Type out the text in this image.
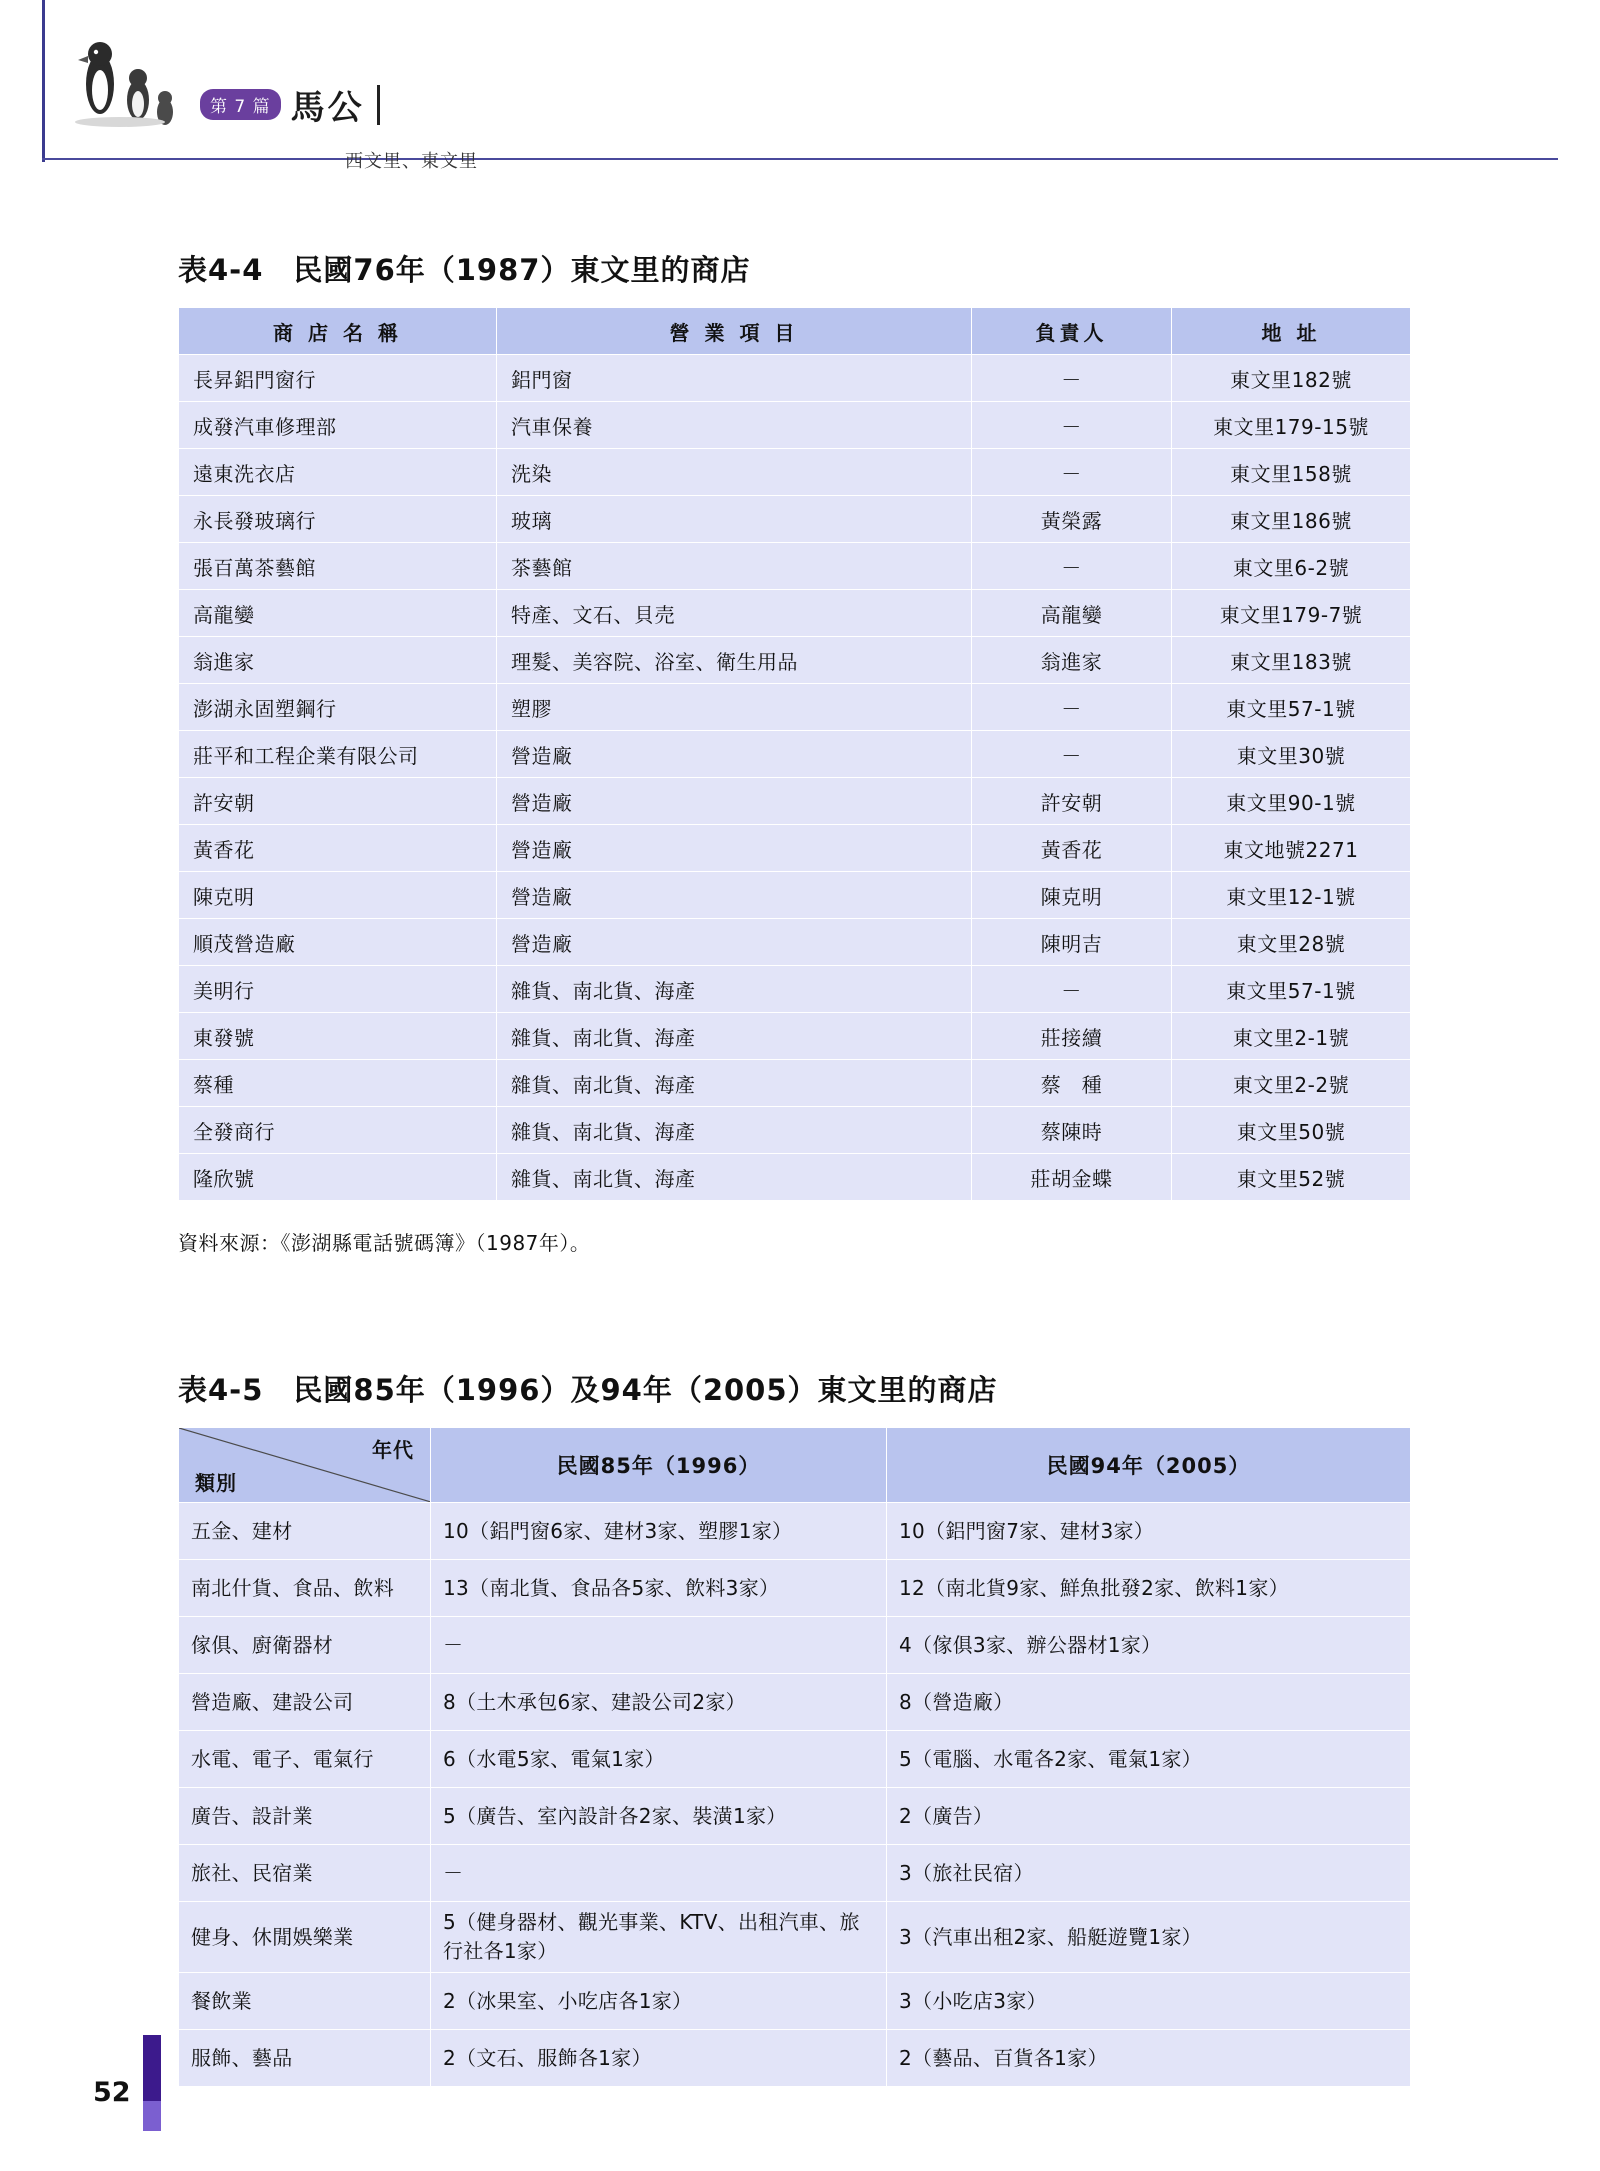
第 7 篇 馬公
西文里、東文里
表4-4　民國76年（1987）東文里的商店
商 店 名 稱	營 業 項 目	負責人	地 址
長昇鋁門窗行	鋁門窗	－	東文里182號
成發汽車修理部	汽車保養	－	東文里179-15號
遠東洗衣店	洗染	－	東文里158號
永長發玻璃行	玻璃	黃榮露	東文里186號
張百萬茶藝館	茶藝館	－	東文里6-2號
高龍孌	特產、文石、貝売	高龍孌	東文里179-7號
翁進家	理髮、美容院、浴室、衛生用品	翁進家	東文里183號
澎湖永固塑鋼行	塑膠	－	東文里57-1號
莊平和工程企業有限公司	營造廠	－	東文里30號
許安朝	營造廠	許安朝	東文里90-1號
黃香花	營造廠	黃香花	東文地號2271
陳克明	營造廠	陳克明	東文里12-1號
順茂營造廠	營造廠	陳明吉	東文里28號
美明行	雜貨、南北貨、海產	－	東文里57-1號
東發號	雜貨、南北貨、海產	莊接續	東文里2-1號
蔡種	雜貨、南北貨、海產	蔡　種	東文里2-2號
全發商行	雜貨、南北貨、海產	蔡陳時	東文里50號
隆欣號	雜貨、南北貨、海產	莊胡金蝶	東文里52號
資料來源：《澎湖縣電話號碼簿》（1987年）。
表4-5　民國85年（1996）及94年（2005）東文里的商店
年代
類別	民國85年（1996）	民國94年（2005）
五金、建材	10（鋁門窗6家、建材3家、塑膠1家）	10（鋁門窗7家、建材3家）
南北什貨、食品、飲料	13（南北貨、食品各5家、飲料3家）	12（南北貨9家、鮮魚批發2家、飲料1家）
傢俱、廚衛器材	－	4（傢俱3家、辦公器材1家）
營造廠、建設公司	8（土木承包6家、建設公司2家）	8（營造廠）
水電、電子、電氣行	6（水電5家、電氣1家）	5（電腦、水電各2家、電氣1家）
廣告、設計業	5（廣告、室內設計各2家、裝潢1家）	2（廣告）
旅社、民宿業	－	3（旅社民宿）
健身、休閒娛樂業	5（健身器材、觀光事業、KTV、出租汽車、旅行社各1家）	3（汽車出租2家、船艇遊覽1家）
餐飲業	2（冰果室、小吃店各1家）	3（小吃店3家）
服飾、藝品	2（文石、服飾各1家）	2（藝品、百貨各1家）
52
